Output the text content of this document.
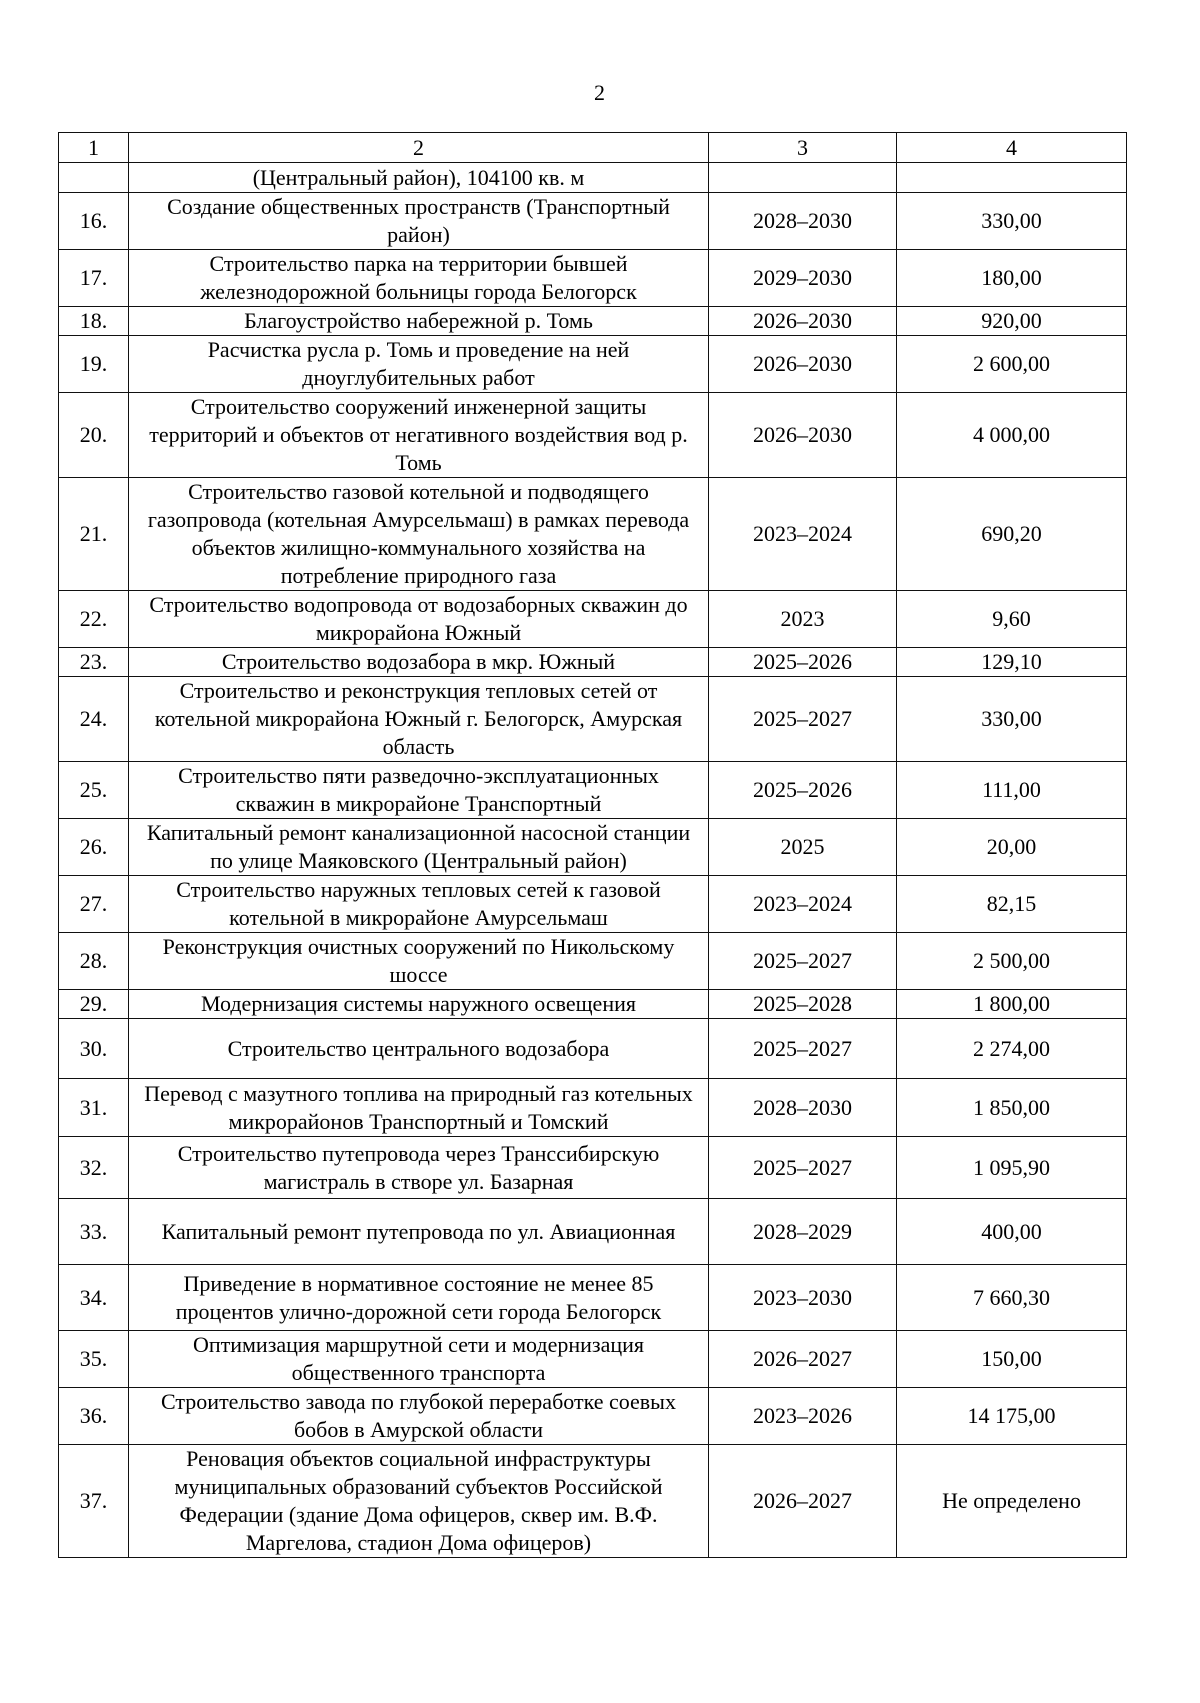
2
1	2	3	4
	(Центральный район), 104100 кв. м		
16.	Создание общественных пространств (Транспортный район)	2028–2030	330,00
17.	Строительство парка на территории бывшей железнодорожной больницы города Белогорск	2029–2030	180,00
18.	Благоустройство набережной р. Томь	2026–2030	920,00
19.	Расчистка русла р. Томь и проведение на ней дноуглубительных работ	2026–2030	2 600,00
20.	Строительство сооружений инженерной защиты территорий и объектов от негативного воздействия вод р. Томь	2026–2030	4 000,00
21.	Строительство газовой котельной и подводящего газопровода (котельная Амурсельмаш) в рамках перевода объектов жилищно-коммунального хозяйства на потребление природного газа	2023–2024	690,20
22.	Строительство водопровода от водозаборных скважин до микрорайона Южный	2023	9,60
23.	Строительство водозабора в мкр. Южный	2025–2026	129,10
24.	Строительство и реконструкция тепловых сетей от котельной микрорайона Южный г. Белогорск, Амурская область	2025–2027	330,00
25.	Строительство пяти разведочно-эксплуатационных скважин в микрорайоне Транспортный	2025–2026	111,00
26.	Капитальный ремонт канализационной насосной станции по улице Маяковского (Центральный район)	2025	20,00
27.	Строительство наружных тепловых сетей к газовой котельной в микрорайоне Амурсельмаш	2023–2024	82,15
28.	Реконструкция очистных сооружений по Никольскому шоссе	2025–2027	2 500,00
29.	Модернизация системы наружного освещения	2025–2028	1 800,00
30.	Строительство центрального водозабора	2025–2027	2 274,00
31.	Перевод с мазутного топлива на природный газ котельных микрорайонов Транспортный и Томский	2028–2030	1 850,00
32.	Строительство путепровода через Транссибирскую магистраль в створе ул. Базарная	2025–2027	1 095,90
33.	Капитальный ремонт путепровода по ул. Авиационная	2028–2029	400,00
34.	Приведение в нормативное состояние не менее 85 процентов улично-дорожной сети города Белогорск	2023–2030	7 660,30
35.	Оптимизация маршрутной сети и модернизация общественного транспорта	2026–2027	150,00
36.	Строительство завода по глубокой переработке соевых бобов в Амурской области	2023–2026	14 175,00
37.	Реновация объектов социальной инфраструктуры муниципальных образований субъектов Российской Федерации (здание Дома офицеров, сквер им. В.Ф. Маргелова, стадион Дома офицеров)	2026–2027	Не определено
